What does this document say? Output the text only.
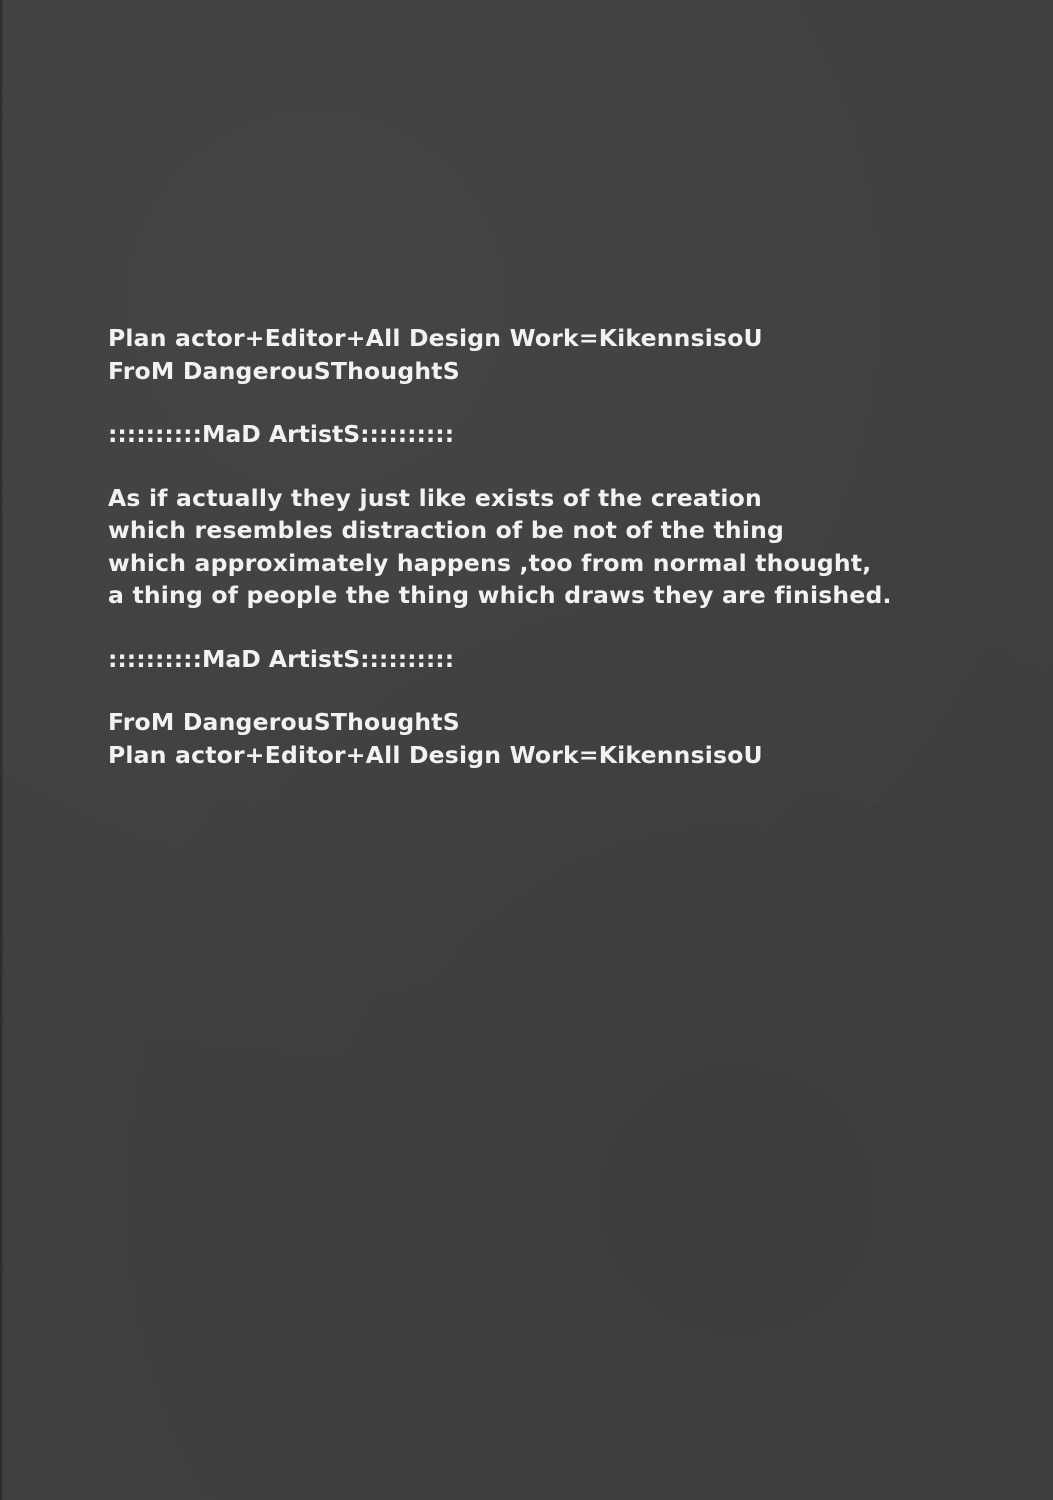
Plan actor+Editor+All Design Work=KikennsisoU
FroM DangerouSThoughtS
::::::::::MaD ArtistS::::::::::
As if actually they just like exists of the creation
which resembles distraction of be not of the thing
which approximately happens ,too from normal thought,
a thing of people the thing which draws they are finished.
::::::::::MaD ArtistS::::::::::
FroM DangerouSThoughtS
Plan actor+Editor+All Design Work=KikennsisoU
